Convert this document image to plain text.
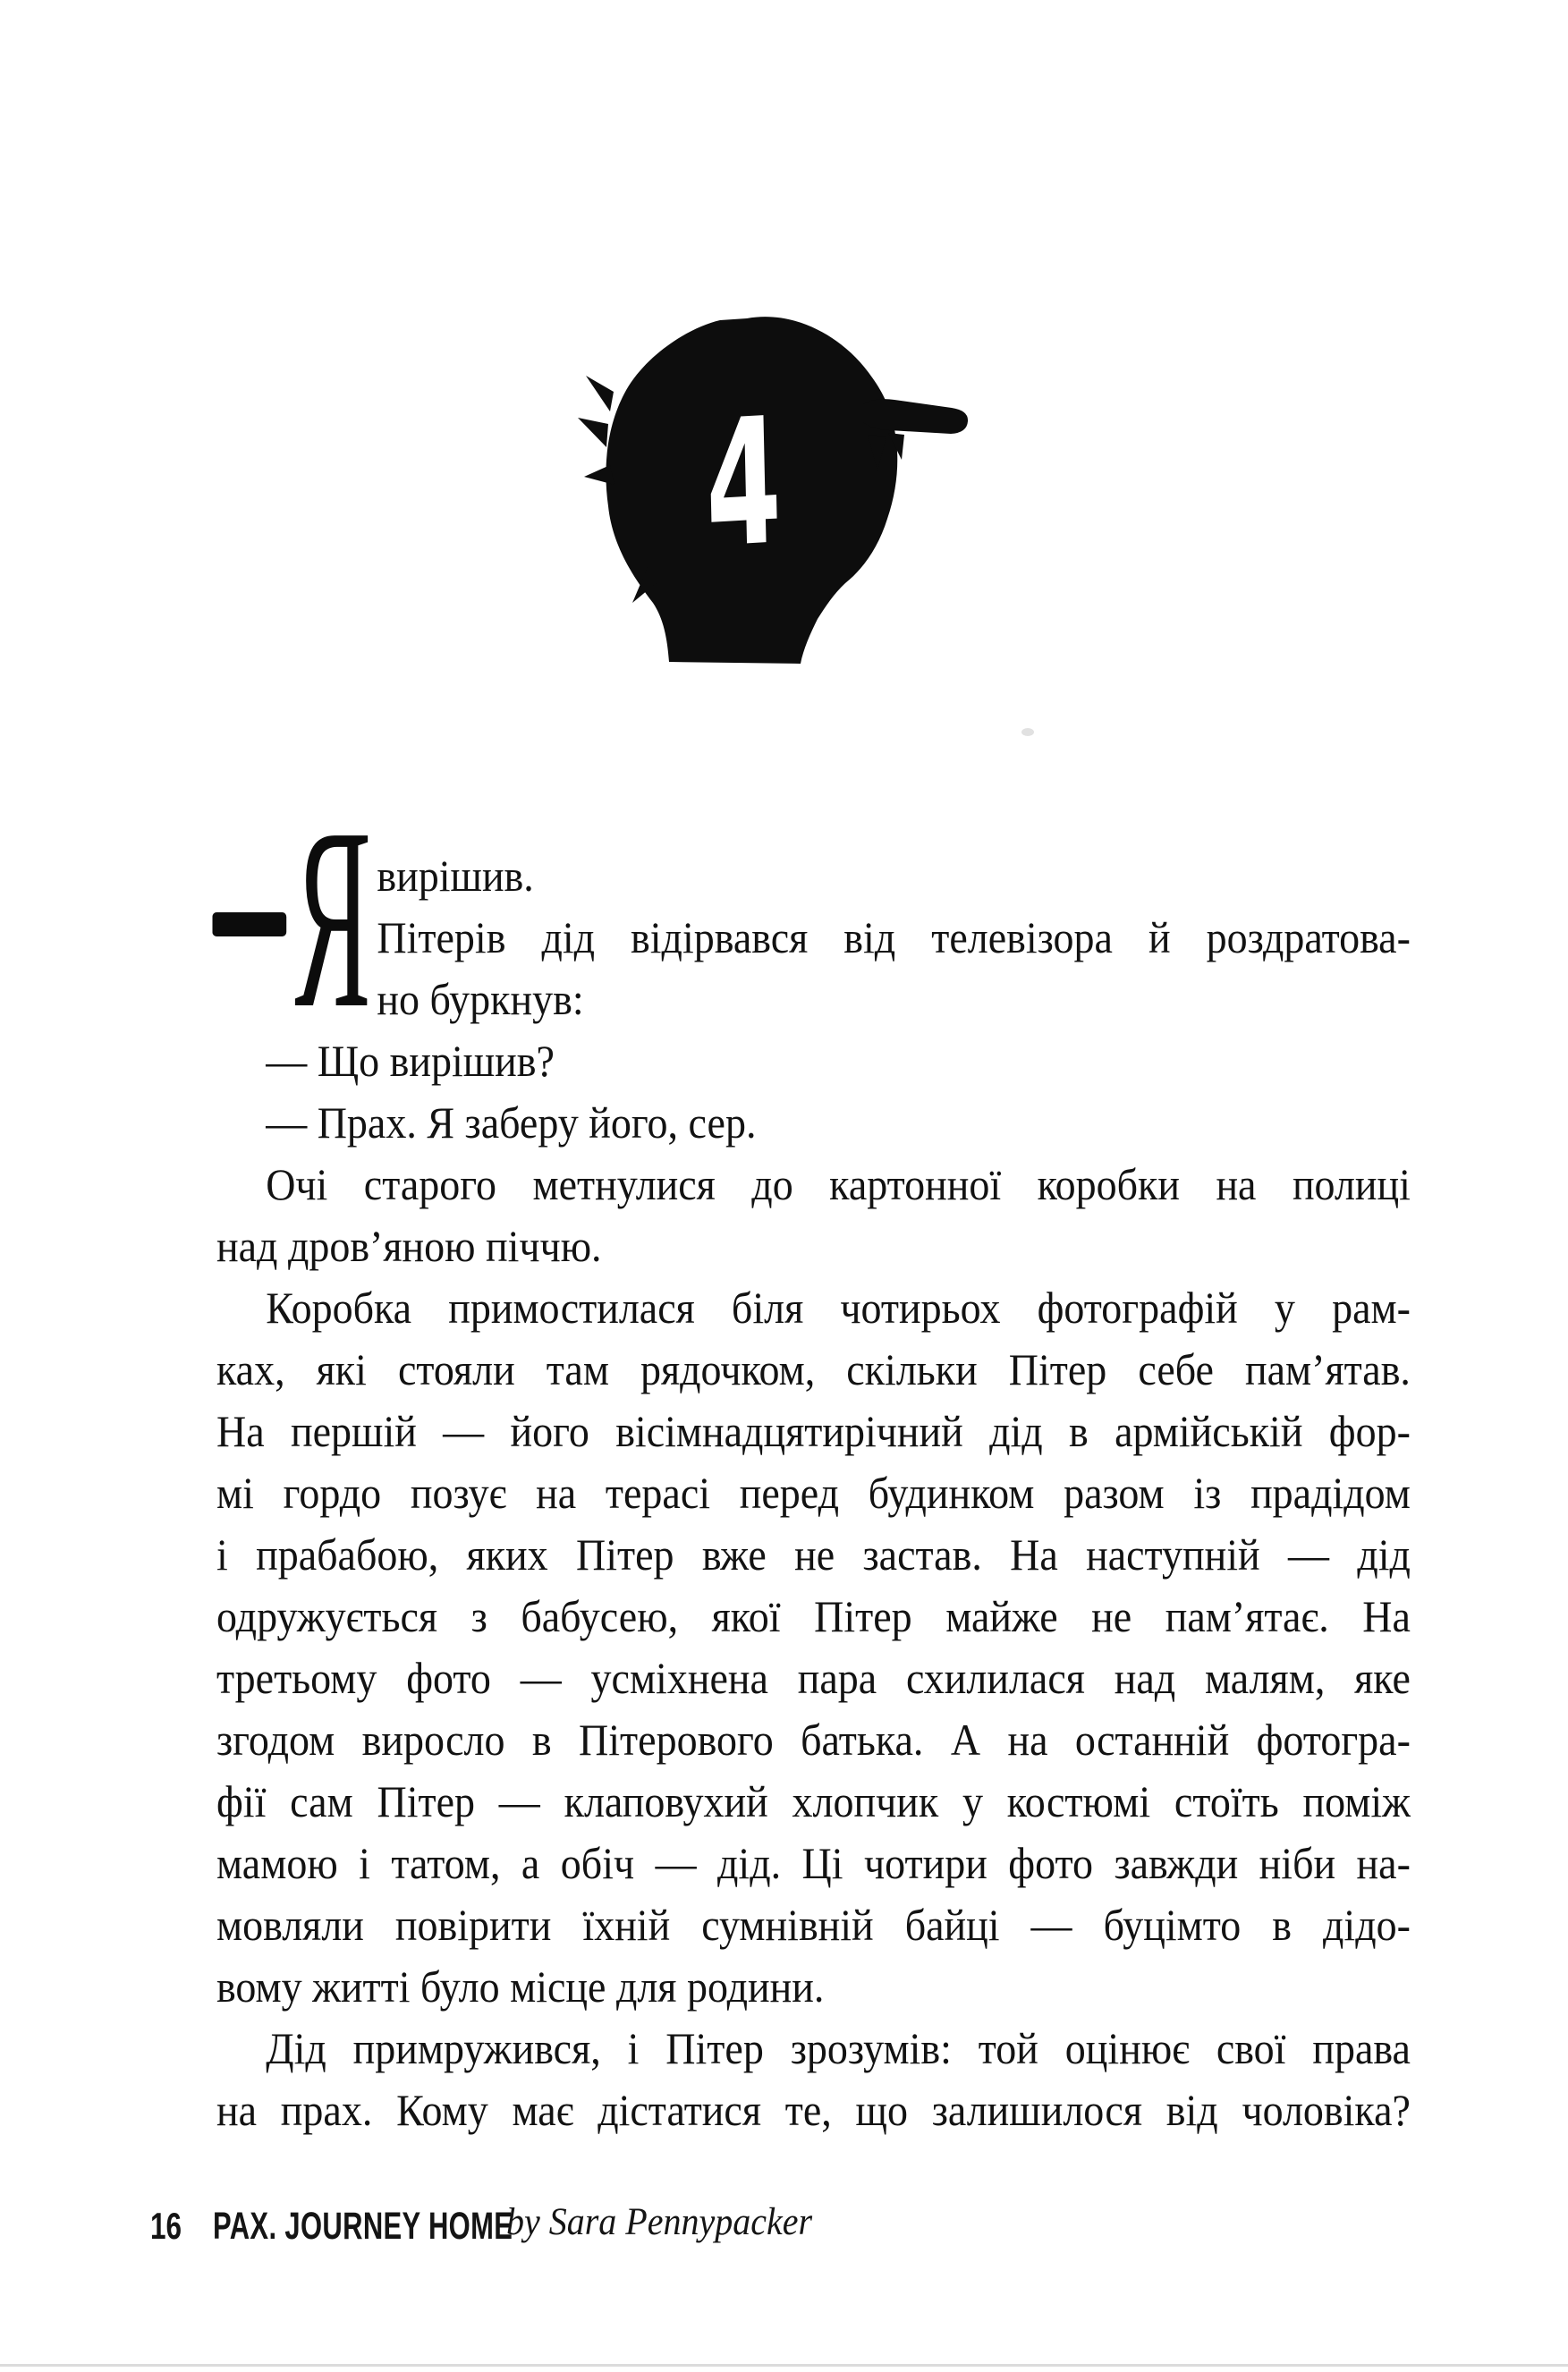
4
Я вирішив.
Пітерів дід відірвався від телевізора й роздратова-
но буркнув:
— Що вирішив?
— Прах. Я заберу його, сер.
Очі старого метнулися до картонної коробки на полиці
над дров’яною піччю.
Коробка примостилася біля чотирьох фотографій у рам-
ках, які стояли там рядочком, скільки Пітер себе пам’ятав.
На першій — його вісімнадцятирічний дід в армійській фор-
мі гордо позує на терасі перед будинком разом із прадідом
і прабабою, яких Пітер вже не застав. На наступній — дід
одружується з бабусею, якої Пітер майже не пам’ятає. На
третьому фото — усміхнена пара схилилася над малям, яке
згодом виросло в Пітерового батька. А на останній фотогра-
фії сам Пітер — клаповухий хлопчик у костюмі стоїть поміж
мамою і татом, а обіч — дід. Ці чотири фото завжди ніби на-
мовляли повірити їхній сумнівній байці — буцімто в дідо-
вому житті було місце для родини.
Дід примружився, і Пітер зрозумів: той оцінює свої права
на прах. Кому має дістатися те, що залишилося від чоловіка?
16 PAX. JOURNEY HOME
by Sara Pennypacker
